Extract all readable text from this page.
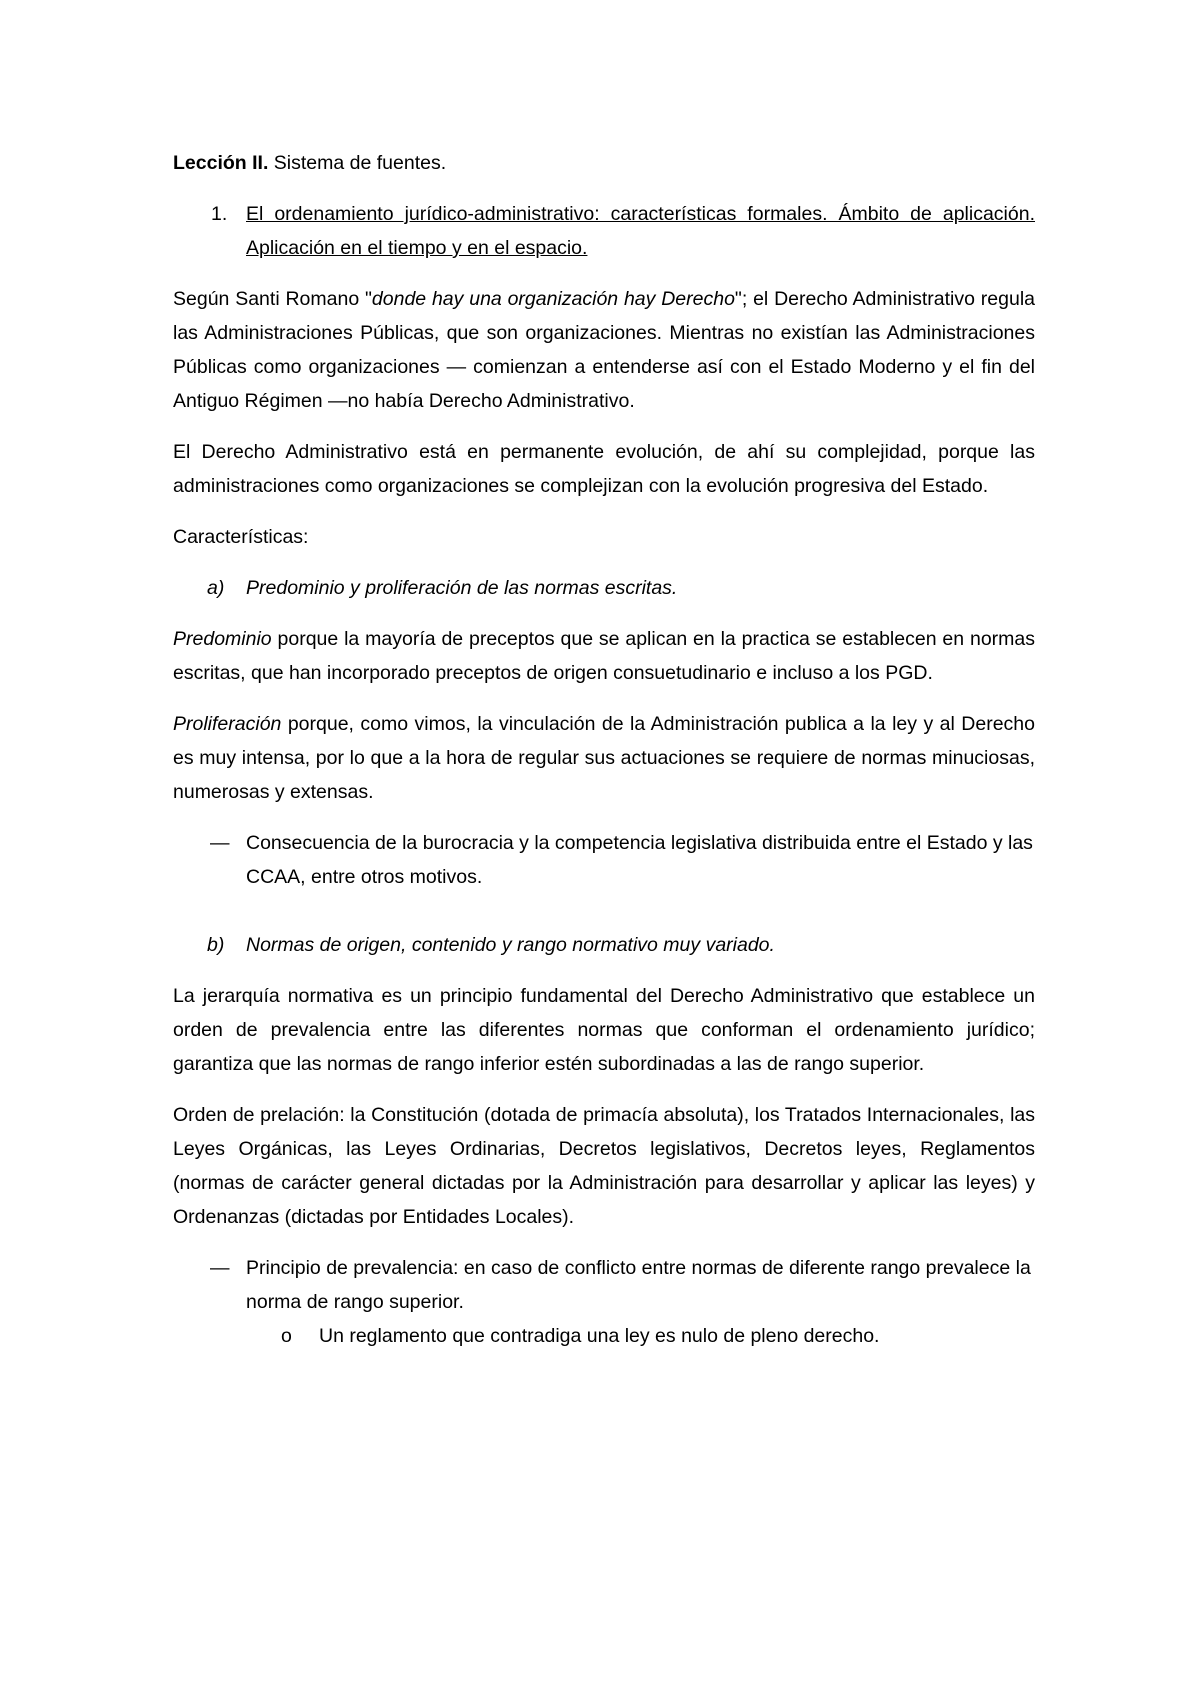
Lección II. Sistema de fuentes.

1. El ordenamiento jurídico-administrativo: características formales. Ámbito de aplicación. Aplicación en el tiempo y en el espacio.

Según Santi Romano "donde hay una organización hay Derecho"; el Derecho Administrativo regula las Administraciones Públicas, que son organizaciones. Mientras no existían las Administraciones Públicas como organizaciones — comienzan a entenderse así con el Estado Moderno y el fin del Antiguo Régimen —no había Derecho Administrativo.

El Derecho Administrativo está en permanente evolución, de ahí su complejidad, porque las administraciones como organizaciones se complejizan con la evolución progresiva del Estado.

Características:

a) Predominio y proliferación de las normas escritas.

Predominio porque la mayoría de preceptos que se aplican en la practica se establecen en normas escritas, que han incorporado preceptos de origen consuetudinario e incluso a los PGD.

Proliferación porque, como vimos, la vinculación de la Administración publica a la ley y al Derecho es muy intensa, por lo que a la hora de regular sus actuaciones se requiere de normas minuciosas, numerosas y extensas.

— Consecuencia de la burocracia y la competencia legislativa distribuida entre el Estado y las CCAA, entre otros motivos.

b) Normas de origen, contenido y rango normativo muy variado.

La jerarquía normativa es un principio fundamental del Derecho Administrativo que establece un orden de prevalencia entre las diferentes normas que conforman el ordenamiento jurídico; garantiza que las normas de rango inferior estén subordinadas a las de rango superior.

Orden de prelación: la Constitución (dotada de primacía absoluta), los Tratados Internacionales, las Leyes Orgánicas, las Leyes Ordinarias, Decretos legislativos, Decretos leyes, Reglamentos (normas de carácter general dictadas por la Administración para desarrollar y aplicar las leyes) y Ordenanzas (dictadas por Entidades Locales).

— Principio de prevalencia: en caso de conflicto entre normas de diferente rango prevalece la norma de rango superior.

o Un reglamento que contradiga una ley es nulo de pleno derecho.
